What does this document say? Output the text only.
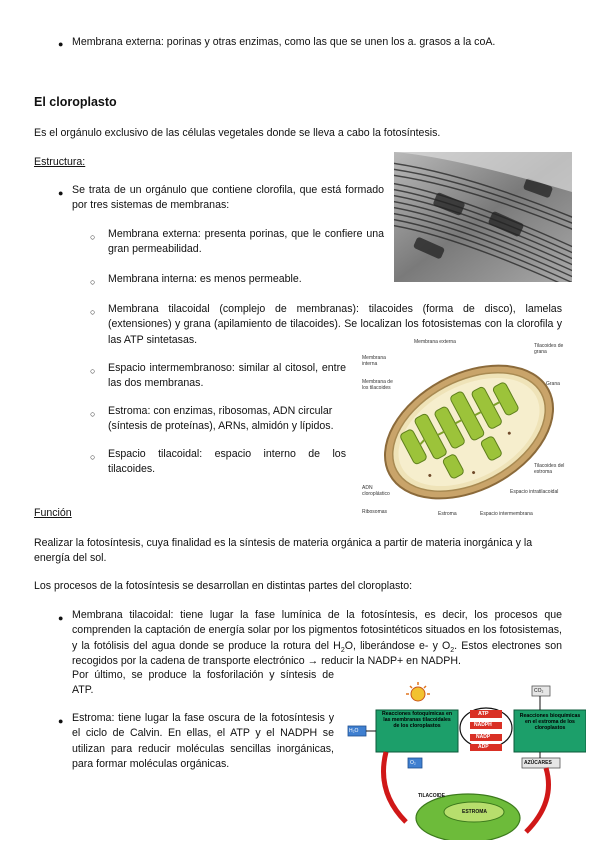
● Membrana externa: porinas y otras enzimas, como las que se unen los a. grasos a la coA.
El cloroplasto
Es el orgánulo exclusivo de las células vegetales donde se lleva a cabo la fotosíntesis.
Estructura:
● Se trata de un orgánulo que contiene clorofila, que está formado por tres sistemas de membranas:
○ Membrana externa: presenta porinas, que le confiere una gran permeabilidad.
○ Membrana interna: es menos permeable.
○ Membrana tilacoidal (complejo de membranas): tilacoides (forma de disco), lamelas (extensiones) y grana (apilamiento de tilacoides). Se localizan los fotosistemas con la clorofila y las ATP sintetasas.
○ Espacio intermembranoso: similar al citosol, entre las dos membranas.
○ Estroma: con enzimas, ribosomas, ADN circular (síntesis de proteínas), ARNs, almidón y lípidos.
○ Espacio tilacoidal: espacio interno de los tilacoides.
Membrana externa
Membrana interna
Tilacoides de grana
Grana
Membrana de los tilacoides
Tilacoides del estroma
Espacio intratilacoidal
ADN cloroplástico
Ribosomas	Estroma	Espacio intermembrana
Función
Realizar la fotosíntesis, cuya finalidad es la síntesis de materia orgánica a partir de materia inorgánica y la energía del sol.
Los procesos de la fotosíntesis se desarrollan en distintas partes del cloroplasto:
● Membrana tilacoidal: tiene lugar la fase lumínica de la fotosíntesis, es decir, los procesos que comprenden la captación de energía solar por los pigmentos fotosintéticos situados en los fotosistemas, y la fotólisis del agua donde se produce la rotura del $H_2O$, liberándose e- y $O_2$. Estos electrones son recogidos por la cadena de transporte electrónico → reducir la NADP+ en NADPH.
Por último, se produce la fosforilación y síntesis de ATP.
● Estroma: tiene lugar la fase oscura de la fotosíntesis y el ciclo de Calvin. En ellas, el ATP y el NADPH se utilizan para reducir moléculas sencillas inorgánicas, para formar moléculas orgánicas.
Reacciones fotoquímicas en las membranas tilacoidales de los cloroplastos
Reacciones bioquímicas en el estroma de los cloroplastos
ATP
NADPH
NADP
ADP
H₂O
O₂
CO₂
AZÚCARES
TILACOIDE
ESTROMA
